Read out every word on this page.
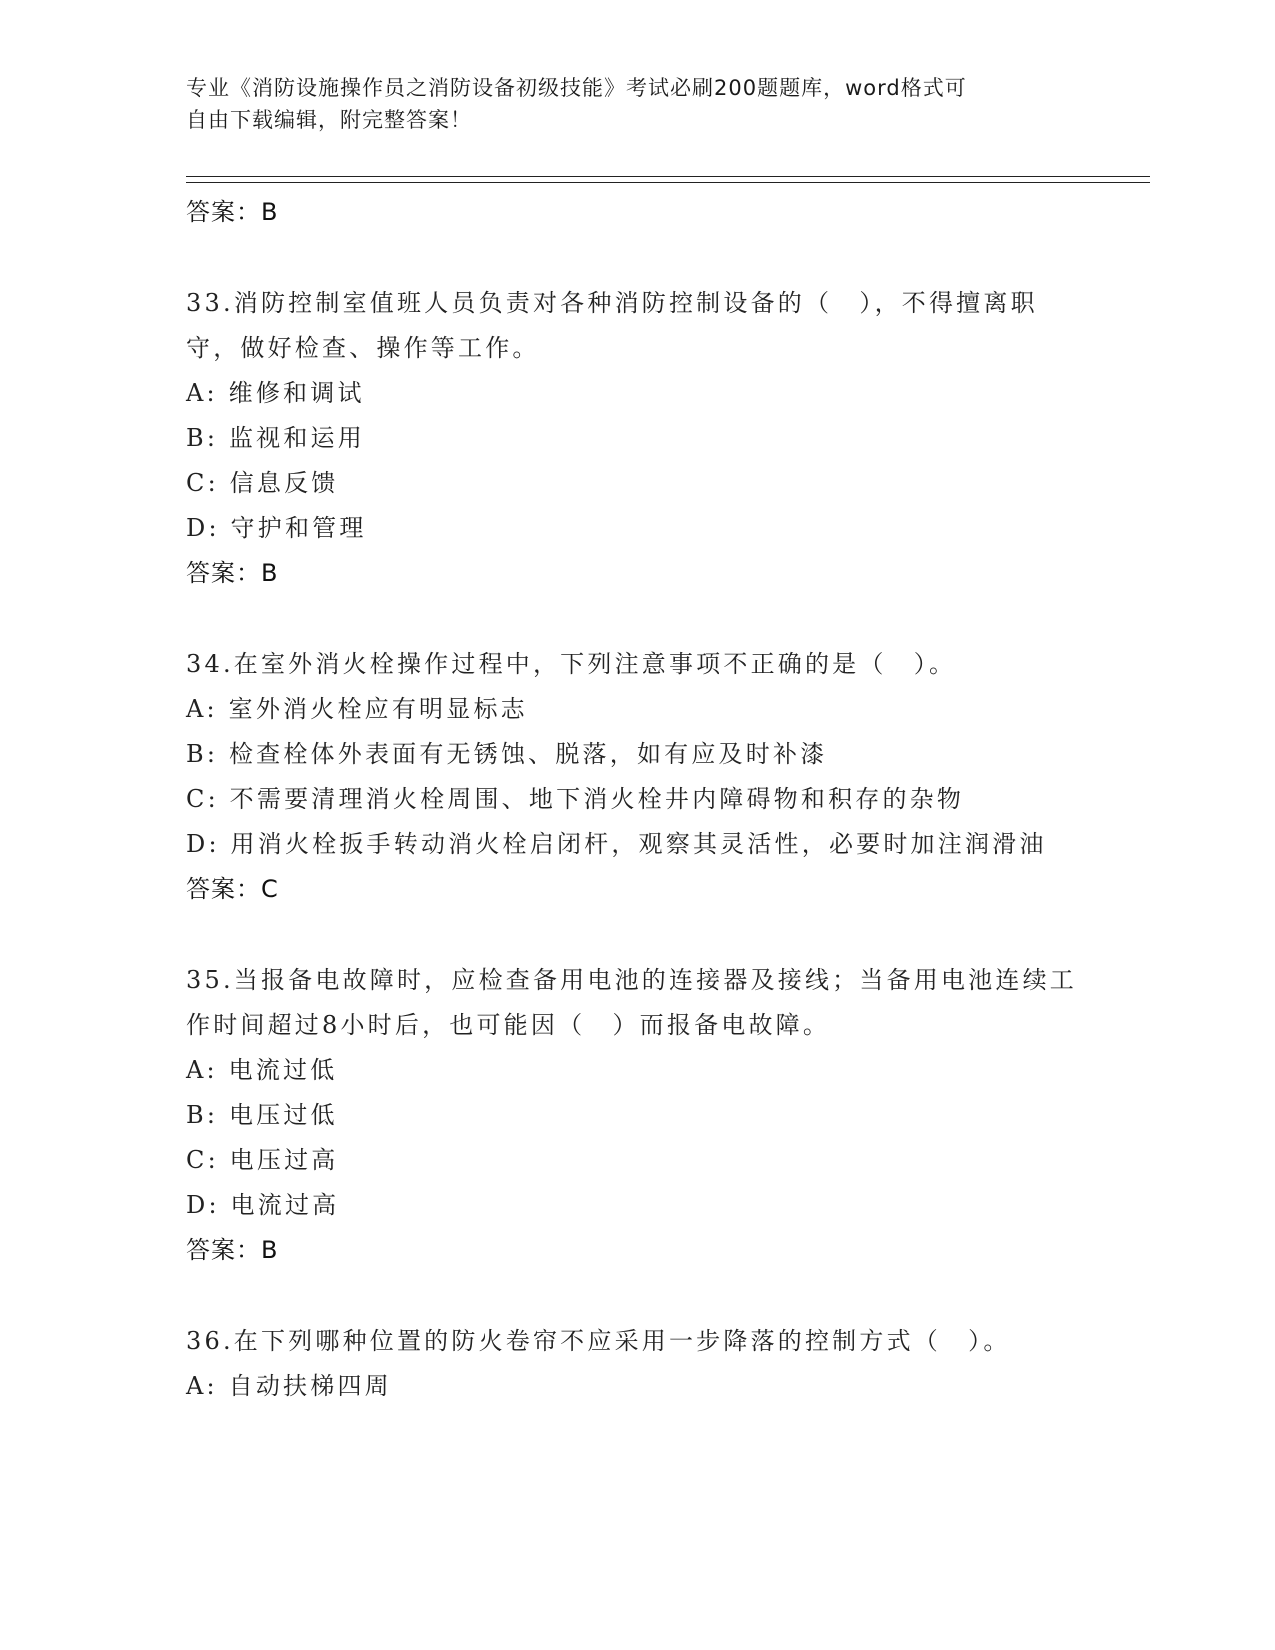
专业《消防设施操作员之消防设备初级技能》考试必刷200题题库，word格式可
自由下载编辑，附完整答案！
答案：B
33.消防控制室值班人员负责对各种消防控制设备的（　），不得擅离职守，做好检查、操作等工作。
A: 维修和调试
B: 监视和运用
C: 信息反馈
D: 守护和管理
答案：B
34.在室外消火栓操作过程中，下列注意事项不正确的是（　）。
A: 室外消火栓应有明显标志
B: 检查栓体外表面有无锈蚀、脱落，如有应及时补漆
C: 不需要清理消火栓周围、地下消火栓井内障碍物和积存的杂物
D: 用消火栓扳手转动消火栓启闭杆，观察其灵活性，必要时加注润滑油
答案：C
35.当报备电故障时，应检查备用电池的连接器及接线；当备用电池连续工作时间超过8小时后，也可能因（　）而报备电故障。
A: 电流过低
B: 电压过低
C: 电压过高
D: 电流过高
答案：B
36.在下列哪种位置的防火卷帘不应采用一步降落的控制方式（　）。
A: 自动扶梯四周
